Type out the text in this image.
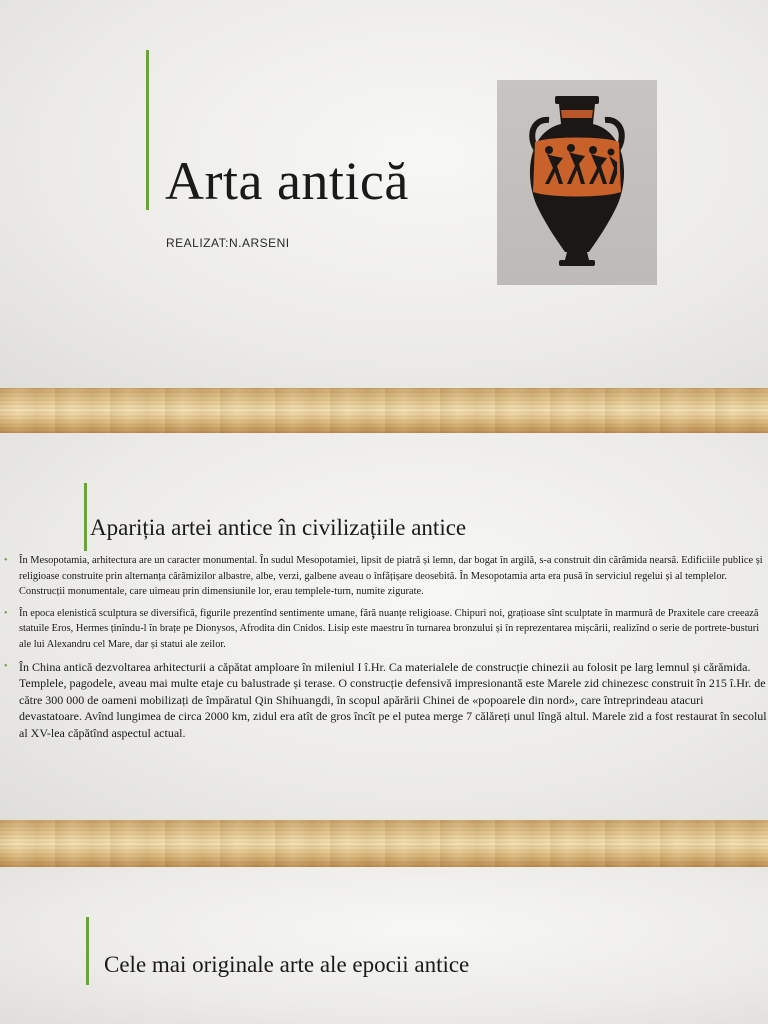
Arta antică
REALIZAT:N.ARSENI
Apariția artei antice în civilizațiile antice
• În Mesopotamia, arhitectura are un caracter monumental. În sudul Mesopotamiei, lipsit de piatră și lemn, dar bogat în argilă, s-a construit din cărămida nearsă. Edificiile publice și religioase construite prin alternanța cărămizilor albastre, albe, verzi, galbene aveau o înfățișare deosebită. În Mesopotamia arta era pusă în serviciul regelui și al templelor. Construcții monumentale, care uimeau prin dimensiunile lor, erau templele-turn, numite zigurate.
• În epoca elenistică sculptura se diversifică, figurile prezentînd sentimente umane, fără nuanțe religioase. Chipuri noi, grațioase sînt sculptate în marmură de Praxitele care creează statuile Eros, Hermes ținîndu-l în brațe pe Dionysos, Afrodita din Cnidos. Lisip este maestru în turnarea bronzului și în reprezentarea mișcării, realizînd o serie de portrete-busturi ale lui Alexandru cel Mare, dar și statui ale zeilor.
• În China antică dezvoltarea arhitecturii a căpătat amploare în mileniul I î.Hr. Ca materialele de construcție chinezii au folosit pe larg lemnul și cărămida. Templele, pagodele, aveau mai multe etaje cu balustrade și terase. O construcție defensivă impresionantă este Marele zid chinezesc construit în 215 î.Hr. de către 300 000 de oameni mobilizați de împăratul Qin Shihuangdi, în scopul apărării Chinei de «popoarele din nord», care întreprindeau atacuri devastatoare. Avînd lungimea de circa 2000 km, zidul era atît de gros încît pe el putea merge 7 călăreți unul lîngă altul. Marele zid a fost restaurat în secolul al XV-lea căpătînd aspectul actual.
Cele mai originale arte ale epocii antice
